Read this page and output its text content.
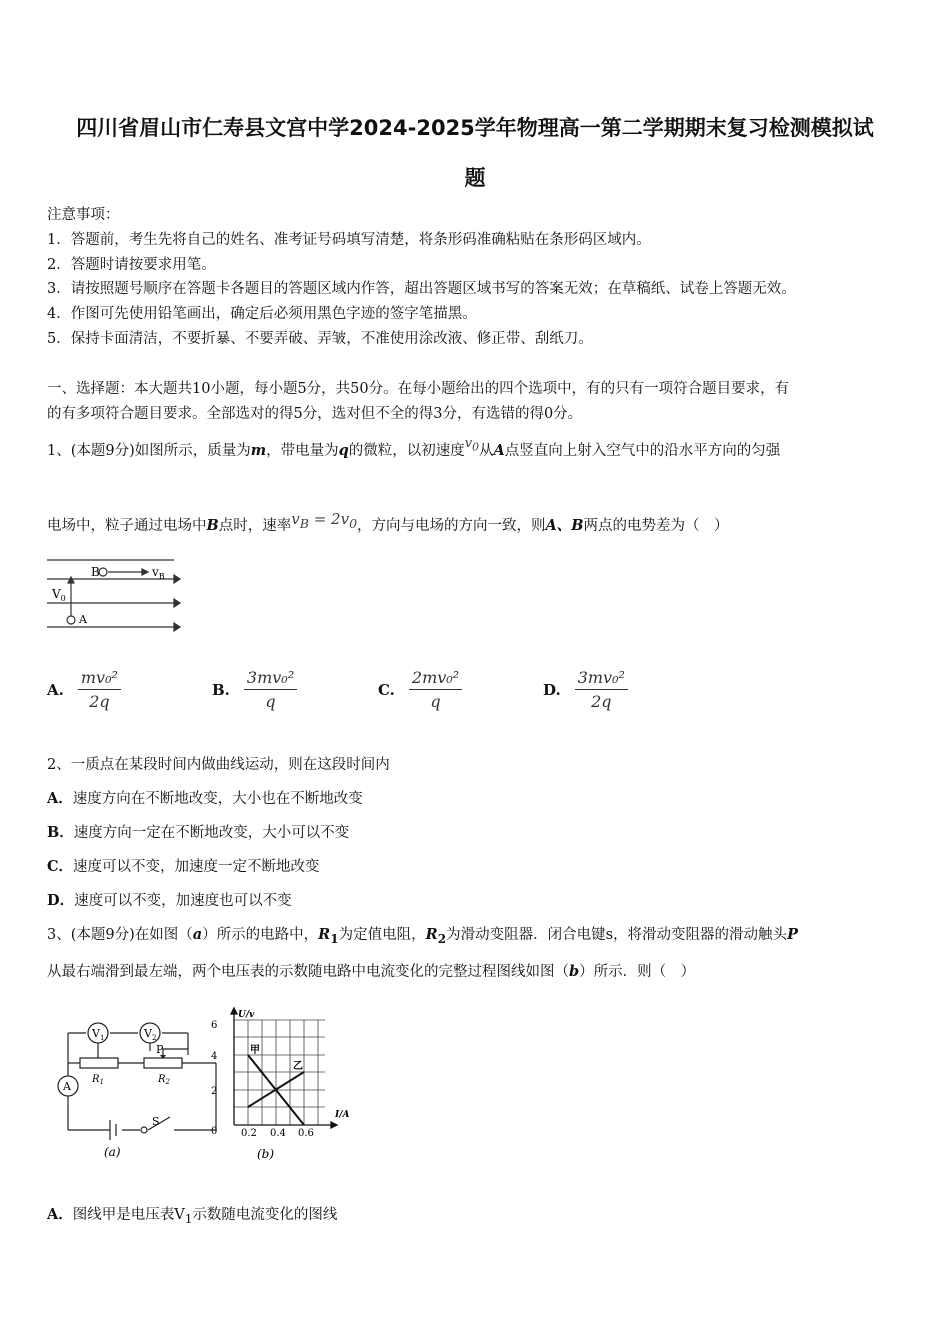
四川省眉山市仁寿县文宫中学2024-2025学年物理高一第二学期期末复习检测模拟试
题
注意事项：
1．答题前，考生先将自己的姓名、准考证号码填写清楚，将条形码准确粘贴在条形码区域内。
2．答题时请按要求用笔。
3．请按照题号顺序在答题卡各题目的答题区域内作答，超出答题区域书写的答案无效；在草稿纸、试卷上答题无效。
4．作图可先使用铅笔画出，确定后必须用黑色字迹的签字笔描黑。
5．保持卡面清洁，不要折暴、不要弄破、弄皱，不准使用涂改液、修正带、刮纸刀。
一、选择题：本大题共10小题，每小题5分，共50分。在每小题给出的四个选项中，有的只有一项符合题目要求，有
的有多项符合题目要求。全部选对的得5分，选对但不全的得3分，有选错的得0分。
1、(本题9分)如图所示，质量为m，带电量为q的微粒，以初速度$v_0$从A点竖直向上射入空气中的沿水平方向的匀强
电场中，粒子通过电场中B点时，速率$v_B = 2v_0$，方向与电场的方向一致，则A、B两点的电势差为（　）
B	$v_B$
$V_0$
A
A. $\frac{\text{mv₀²}}{2q}$	B. $\frac{\text{3mv₀²}}{q}$	C. $\frac{\text{2mv₀²}}{q}$	D. $\frac{\text{3mv₀²}}{2q}$
2、一质点在某段时间内做曲线运动，则在这段时间内
A．速度方向在不断地改变，大小也在不断地改变
B．速度方向一定在不断地改变，大小可以不变
C．速度可以不变，加速度一定不断地改变
D．速度可以不变，加速度也可以不变
3、(本题9分)在如图（a）所示的电路中，$R_1$为定值电阻，$R_2$为滑动变阻器．闭合电键s，将滑动变阻器的滑动触头P
从最右端滑到最左端，两个电压表的示数随电路中电流变化的完整过程图线如图（b）所示．则（　）
$V_1$	$V_2$
A
P
$R_1$	$R_2$
S
(a)
U/v
I/A
6
4
2
0 0.2 0.4 0.6
甲
乙
(b)
A．图线甲是电压表$V_1$示数随电流变化的图线
